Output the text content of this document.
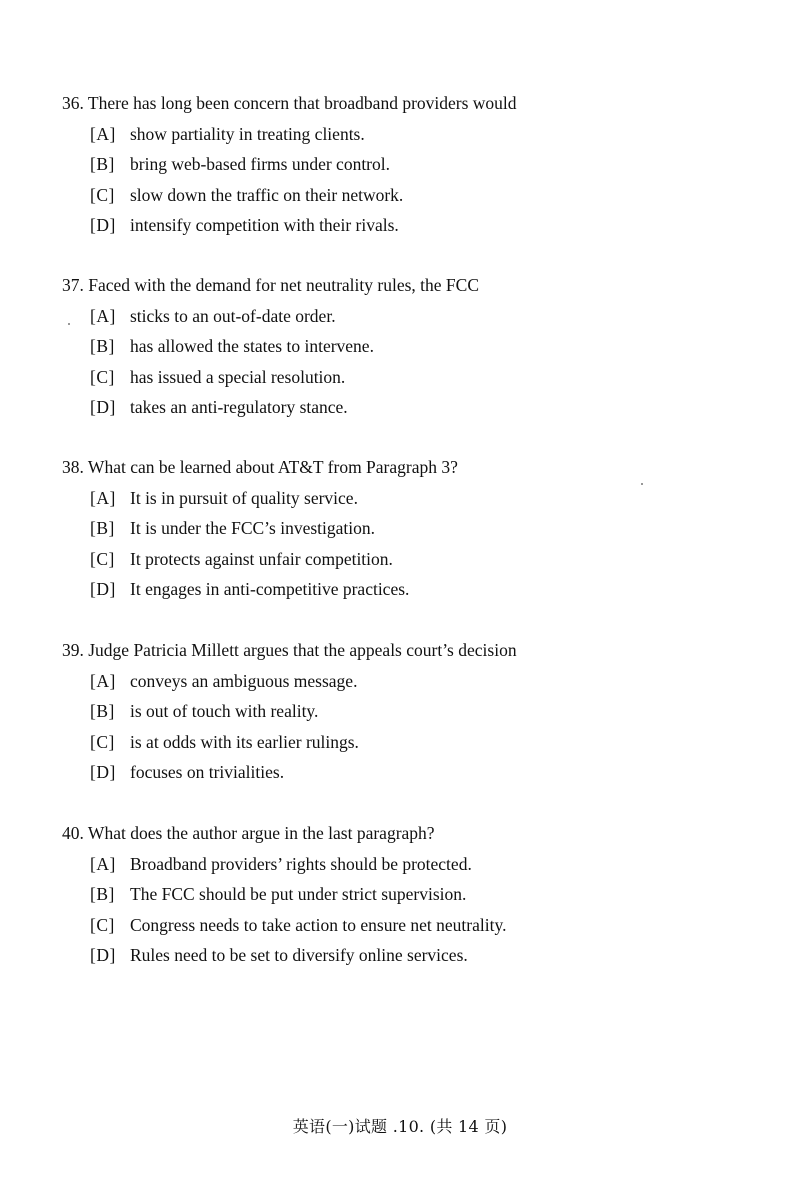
36. There has long been concern that broadband providers would
[A] show partiality in treating clients.
[B] bring web-based firms under control.
[C] slow down the traffic on their network.
[D] intensify competition with their rivals.
37. Faced with the demand for net neutrality rules, the FCC
[A] sticks to an out-of-date order.
[B] has allowed the states to intervene.
[C] has issued a special resolution.
[D] takes an anti-regulatory stance.
38. What can be learned about AT&T from Paragraph 3?
[A] It is in pursuit of quality service.
[B] It is under the FCC’s investigation.
[C] It protects against unfair competition.
[D] It engages in anti-competitive practices.
39. Judge Patricia Millett argues that the appeals court’s decision
[A] conveys an ambiguous message.
[B] is out of touch with reality.
[C] is at odds with its earlier rulings.
[D] focuses on trivialities.
40. What does the author argue in the last paragraph?
[A] Broadband providers’ rights should be protected.
[B] The FCC should be put under strict supervision.
[C] Congress needs to take action to ensure net neutrality.
[D] Rules need to be set to diversify online services.
英语(一)试题 .10. (共 14 页)
